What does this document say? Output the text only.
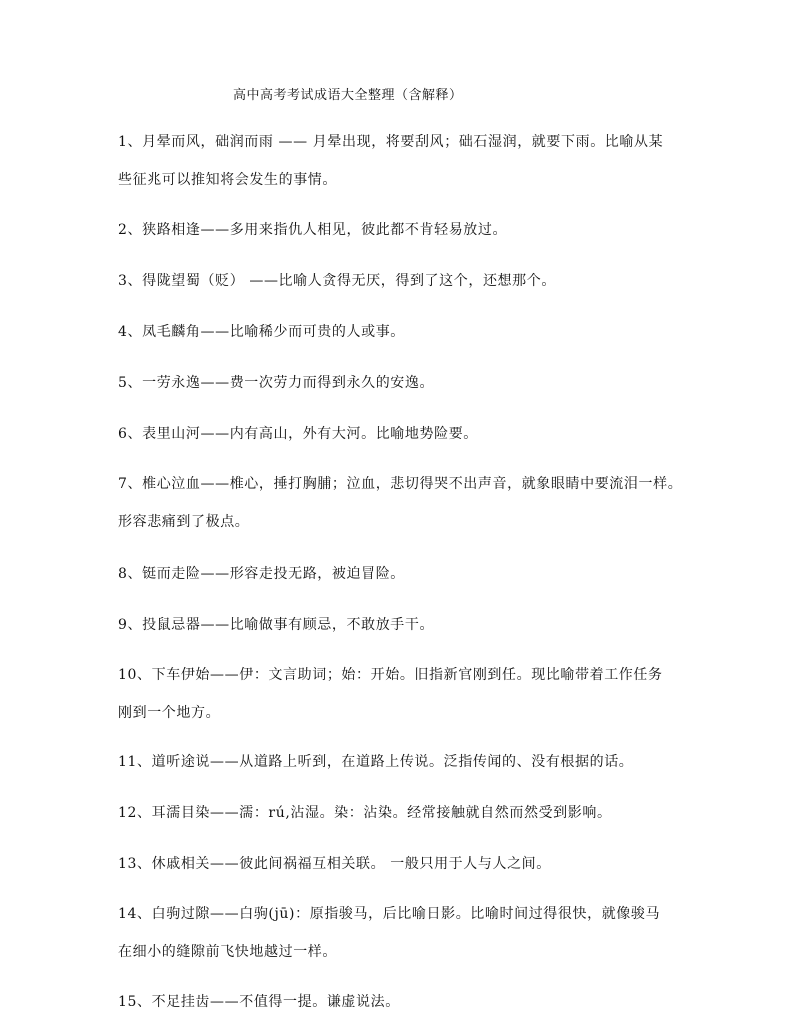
高中高考考试成语大全整理（含解释）

1、月晕而风，础润而雨 —— 月晕出现，将要刮风；础石湿润，就要下雨。比喻从某

些征兆可以推知将会发生的事情。

2、狭路相逢——多用来指仇人相见，彼此都不肯轻易放过。

3、得陇望蜀（贬） ——比喻人贪得无厌，得到了这个，还想那个。

4、凤毛麟角——比喻稀少而可贵的人或事。

5、一劳永逸——费一次劳力而得到永久的安逸。

6、表里山河——内有高山，外有大河。比喻地势险要。

7、椎心泣血——椎心，捶打胸脯；泣血，悲切得哭不出声音，就象眼睛中要流泪一样。

形容悲痛到了极点。

8、铤而走险——形容走投无路，被迫冒险。

9、投鼠忌器——比喻做事有顾忌，不敢放手干。

10、下车伊始——伊：文言助词；始：开始。旧指新官刚到任。现比喻带着工作任务

刚到一个地方。

11、道听途说——从道路上听到，在道路上传说。泛指传闻的、没有根据的话。

12、耳濡目染——濡：rú,沾湿。染：沾染。经常接触就自然而然受到影响。

13、休戚相关——彼此间祸福互相关联。 一般只用于人与人之间。

14、白驹过隙——白驹(jū)：原指骏马，后比喻日影。比喻时间过得很快，就像骏马

在细小的缝隙前飞快地越过一样。

15、不足挂齿——不值得一提。谦虚说法。
